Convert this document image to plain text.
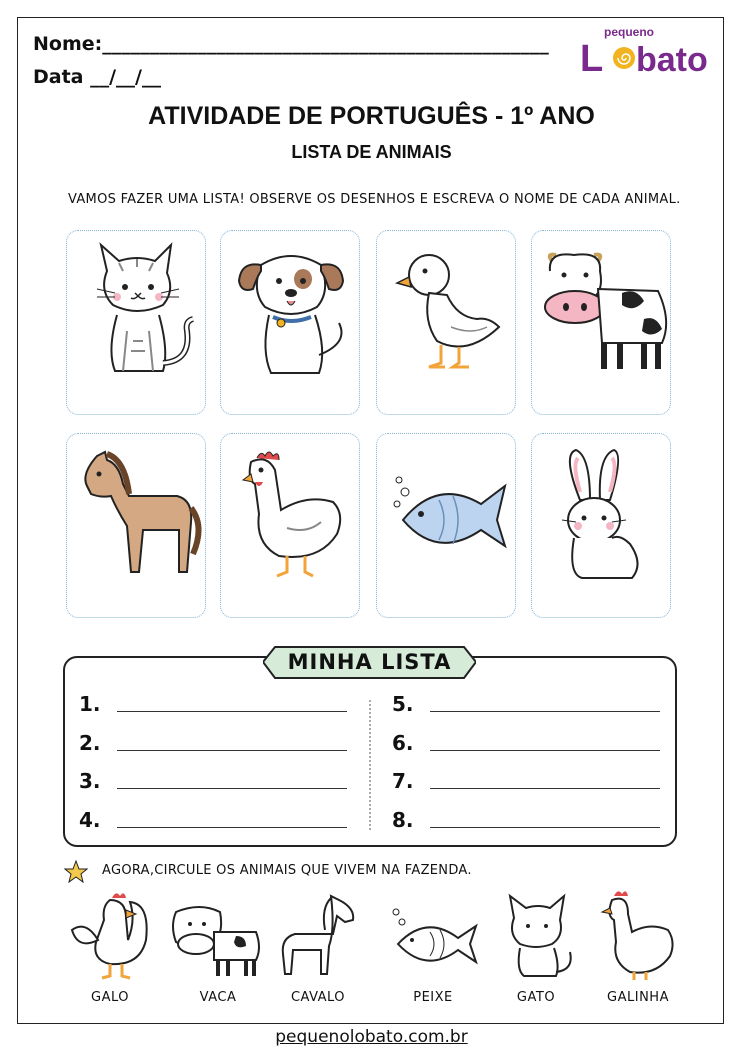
Nome:_______________________________________________
Data __/__/__
pequeno
L bato
ATIVIDADE DE PORTUGUÊS - 1º ANO
LISTA DE ANIMAIS
VAMOS FAZER UMA LISTA! OBSERVE OS DESENHOS E ESCREVA O NOME DE CADA ANIMAL.
MINHA LISTA
1.
2.
3.
4.
5.
6.
7.
8.
AGORA,CIRCULE OS ANIMAIS QUE VIVEM NA FAZENDA.
GALO	VACA	CAVALO	PEIXE	GATO	GALINHA
pequenolobato.com.br
